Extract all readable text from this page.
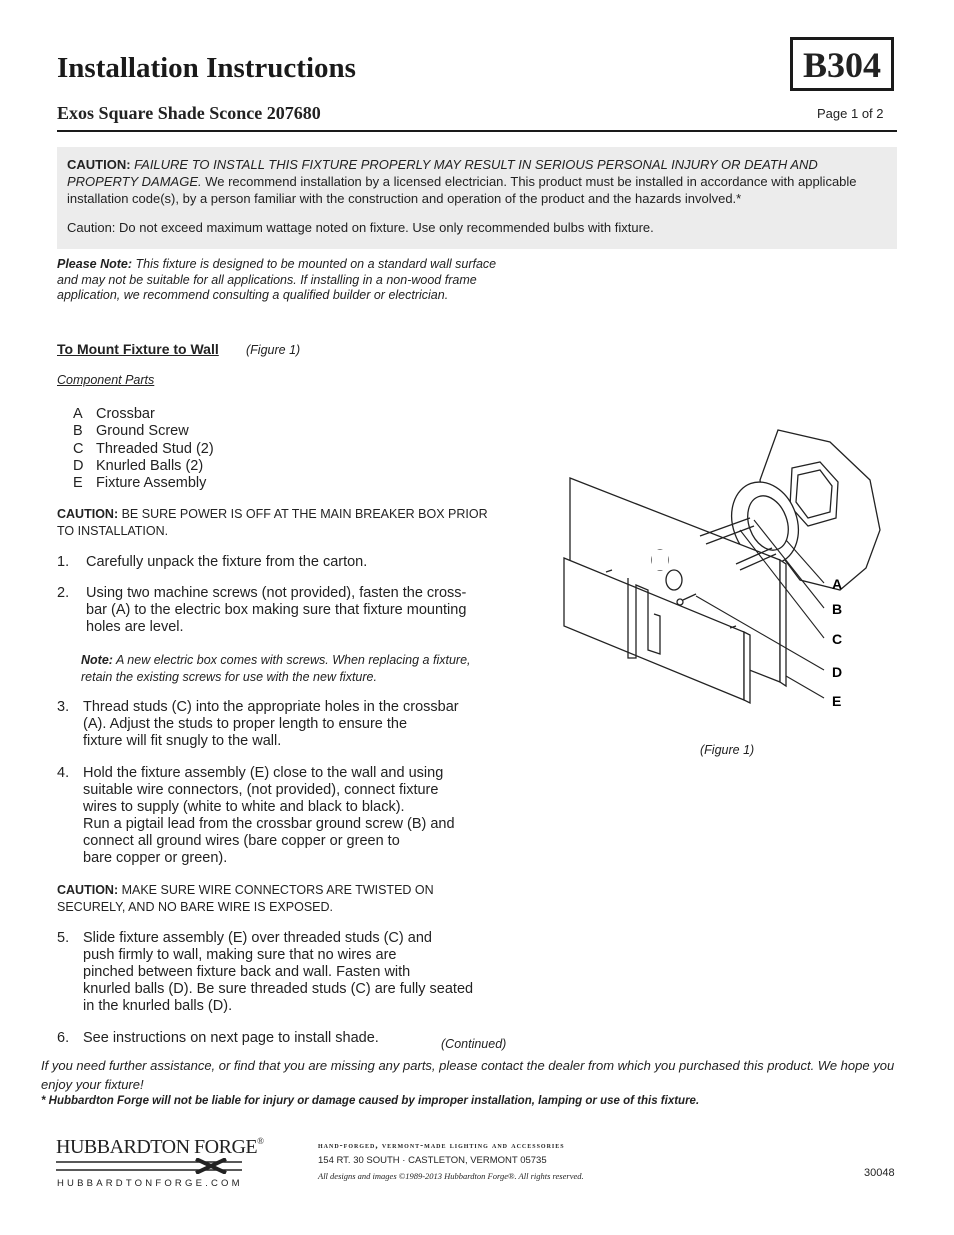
Installation Instructions	B304
Exos Square Shade Sconce 207680	Page 1 of 2

CAUTION: FAILURE TO INSTALL THIS FIXTURE PROPERLY MAY RESULT IN SERIOUS PERSONAL INJURY OR DEATH AND PROPERTY DAMAGE. We recommend installation by a licensed electrician. This product must be installed in accordance with applicable installation code(s), by a person familiar with the construction and operation of the product and the hazards involved.*

Caution: Do not exceed maximum wattage noted on fixture. Use only recommended bulbs with fixture.

Please Note: This fixture is designed to be mounted on a standard wall surface and may not be suitable for all applications. If installing in a non-wood frame application, we recommend consulting a qualified builder or electrician.
To Mount Fixture to Wall (Figure 1)
Component Parts
A Crossbar
B Ground Screw
C Threaded Stud (2)
D Knurled Balls (2)
E Fixture Assembly
CAUTION: BE SURE POWER IS OFF AT THE MAIN BREAKER BOX PRIOR TO INSTALLATION.
1.	Carefully unpack the fixture from the carton.
2.	Using two machine screws (not provided), fasten the cross-
bar (A) to the electric box making sure that fixture mounting
holes are level.
Note: A new electric box comes with screws. When replacing a fixture, retain the existing screws for use with the new fixture.
3. Thread studs (C) into the appropriate holes in the crossbar
(A). Adjust the studs to proper length to ensure the
fixture will fit snugly to the wall.
4. Hold the fixture assembly (E) close to the wall and using
suitable wire connectors, (not provided), connect fixture
wires to supply (white to white and black to black).
Run a pigtail lead from the crossbar ground screw (B) and
connect all ground wires (bare copper or green to
bare copper or green).
CAUTION: MAKE SURE WIRE CONNECTORS ARE TWISTED ON SECURELY, AND NO BARE WIRE IS EXPOSED.
5. Slide fixture assembly (E) over threaded studs (C) and
push firmly to wall, making sure that no wires are
pinched between fixture back and wall. Fasten with
knurled balls (D). Be sure threaded studs (C) are fully seated
in the knurled balls (D).
6. See instructions on next page to install shade.	(Continued)
A
B
C
D
E
(Figure 1)
If you need further assistance, or find that you are missing any parts, please contact the dealer from which you purchased this product. We hope you enjoy your fixture!
* Hubbardton Forge will not be liable for injury or damage caused by improper installation, lamping or use of this fixture.
HUBBARDTON FORGE®
HUBBARDTONFORGE.COM
hand-forged, vermont-made lighting and accessories
154 RT. 30 SOUTH · CASTLETON, VERMONT 05735
All designs and images ©1989-2013 Hubbardton Forge®. All rights reserved.	30048
